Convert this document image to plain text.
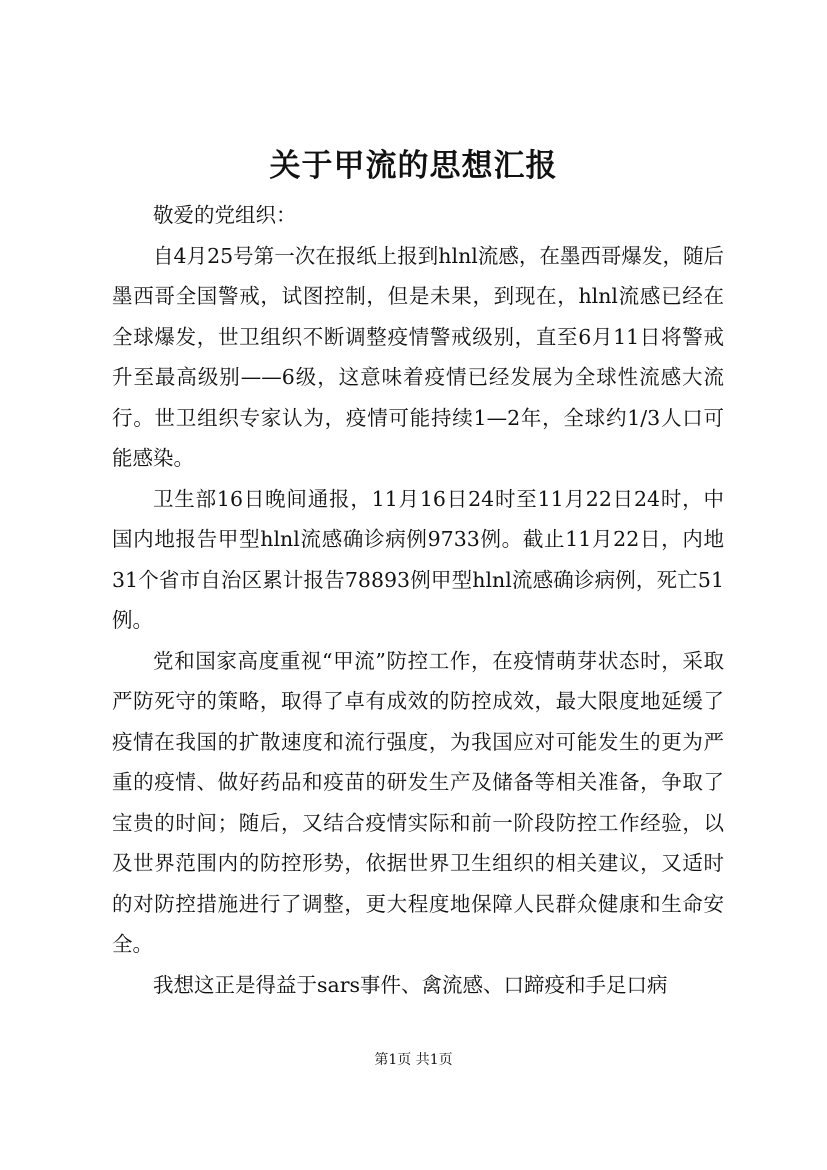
关于甲流的思想汇报

敬爱的党组织：

自4月25号第一次在报纸上报到hlnl流感，在墨西哥爆发，随后墨西哥全国警戒，试图控制，但是未果，到现在，hlnl流感已经在全球爆发，世卫组织不断调整疫情警戒级别，直至6月11日将警戒升至最高级别——6级，这意味着疫情已经发展为全球性流感大流行。世卫组织专家认为，疫情可能持续1—2年，全球约1/3人口可能感染。

卫生部16日晚间通报，11月16日24时至11月22日24时，中国内地报告甲型hlnl流感确诊病例9733例。截止11月22日，内地31个省市自治区累计报告78893例甲型hlnl流感确诊病例，死亡51例。

党和国家高度重视“甲流”防控工作，在疫情萌芽状态时，采取严防死守的策略，取得了卓有成效的防控成效，最大限度地延缓了疫情在我国的扩散速度和流行强度，为我国应对可能发生的更为严重的疫情、做好药品和疫苗的研发生产及储备等相关准备，争取了宝贵的时间；随后，又结合疫情实际和前一阶段防控工作经验，以及世界范围内的防控形势，依据世界卫生组织的相关建议，又适时的对防控措施进行了调整，更大程度地保障人民群众健康和生命安全。

我想这正是得益于sars事件、禽流感、口蹄疫和手足口病

第1页 共1页
